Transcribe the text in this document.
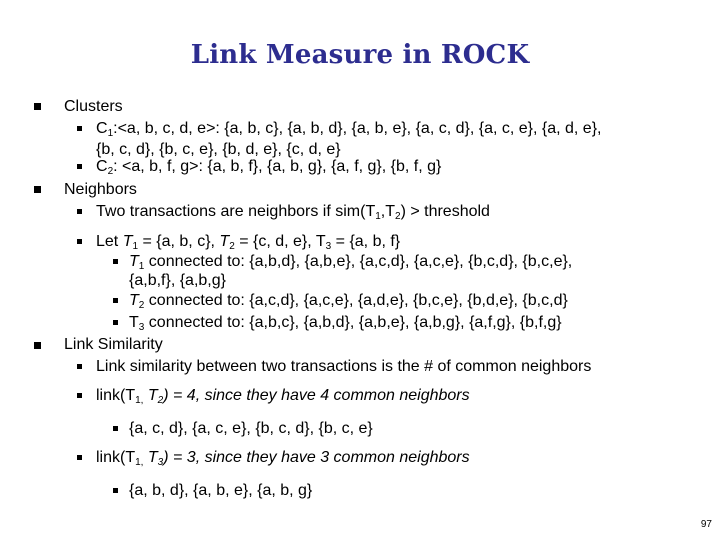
Link Measure in ROCK
Clusters
$C_1:<a$, b, c, d, e>: {a, b, c}, {a, b, d}, {a, b, e}, {a, c, d}, {a, c, e}, {a, d, e},
{b, c, d}, {b, c, e}, {b, d, e}, {c, d, e}
$C_2$: <a, b, f, g>: {a, b, f}, {a, b, g}, {a, f, g}, {b, f, g}
Neighbors
Two transactions are neighbors if $sim(T_1,T_2)$ > threshold
Let $T_1 = \{a$, b, c}, $T_2 = \{c$, d, e}, $T_3 = \{a$, b, f}
$T_1$ connected to: {a,b,d}, {a,b,e}, {a,c,d}, {a,c,e}, {b,c,d}, {b,c,e},
{a,b,f}, {a,b,g}
$T_2$ connected to: {a,c,d}, {a,c,e}, {a,d,e}, {b,c,e}, {b,d,e}, {b,c,d}
$T_3$ connected to: {a,b,c}, {a,b,d}, {a,b,e}, {a,b,g}, {a,f,g}, {b,f,g}
Link Similarity
Link similarity between two transactions is the # of common neighbors
$link(T_{1,}$ $T_2) = 4$, since they have 4 common neighbors
{a, c, d}, {a, c, e}, {b, c, d}, {b, c, e}
$link(T_{1,}$ $T_3) = 3$, since they have 3 common neighbors
{a, b, d}, {a, b, e}, {a, b, g}
97
